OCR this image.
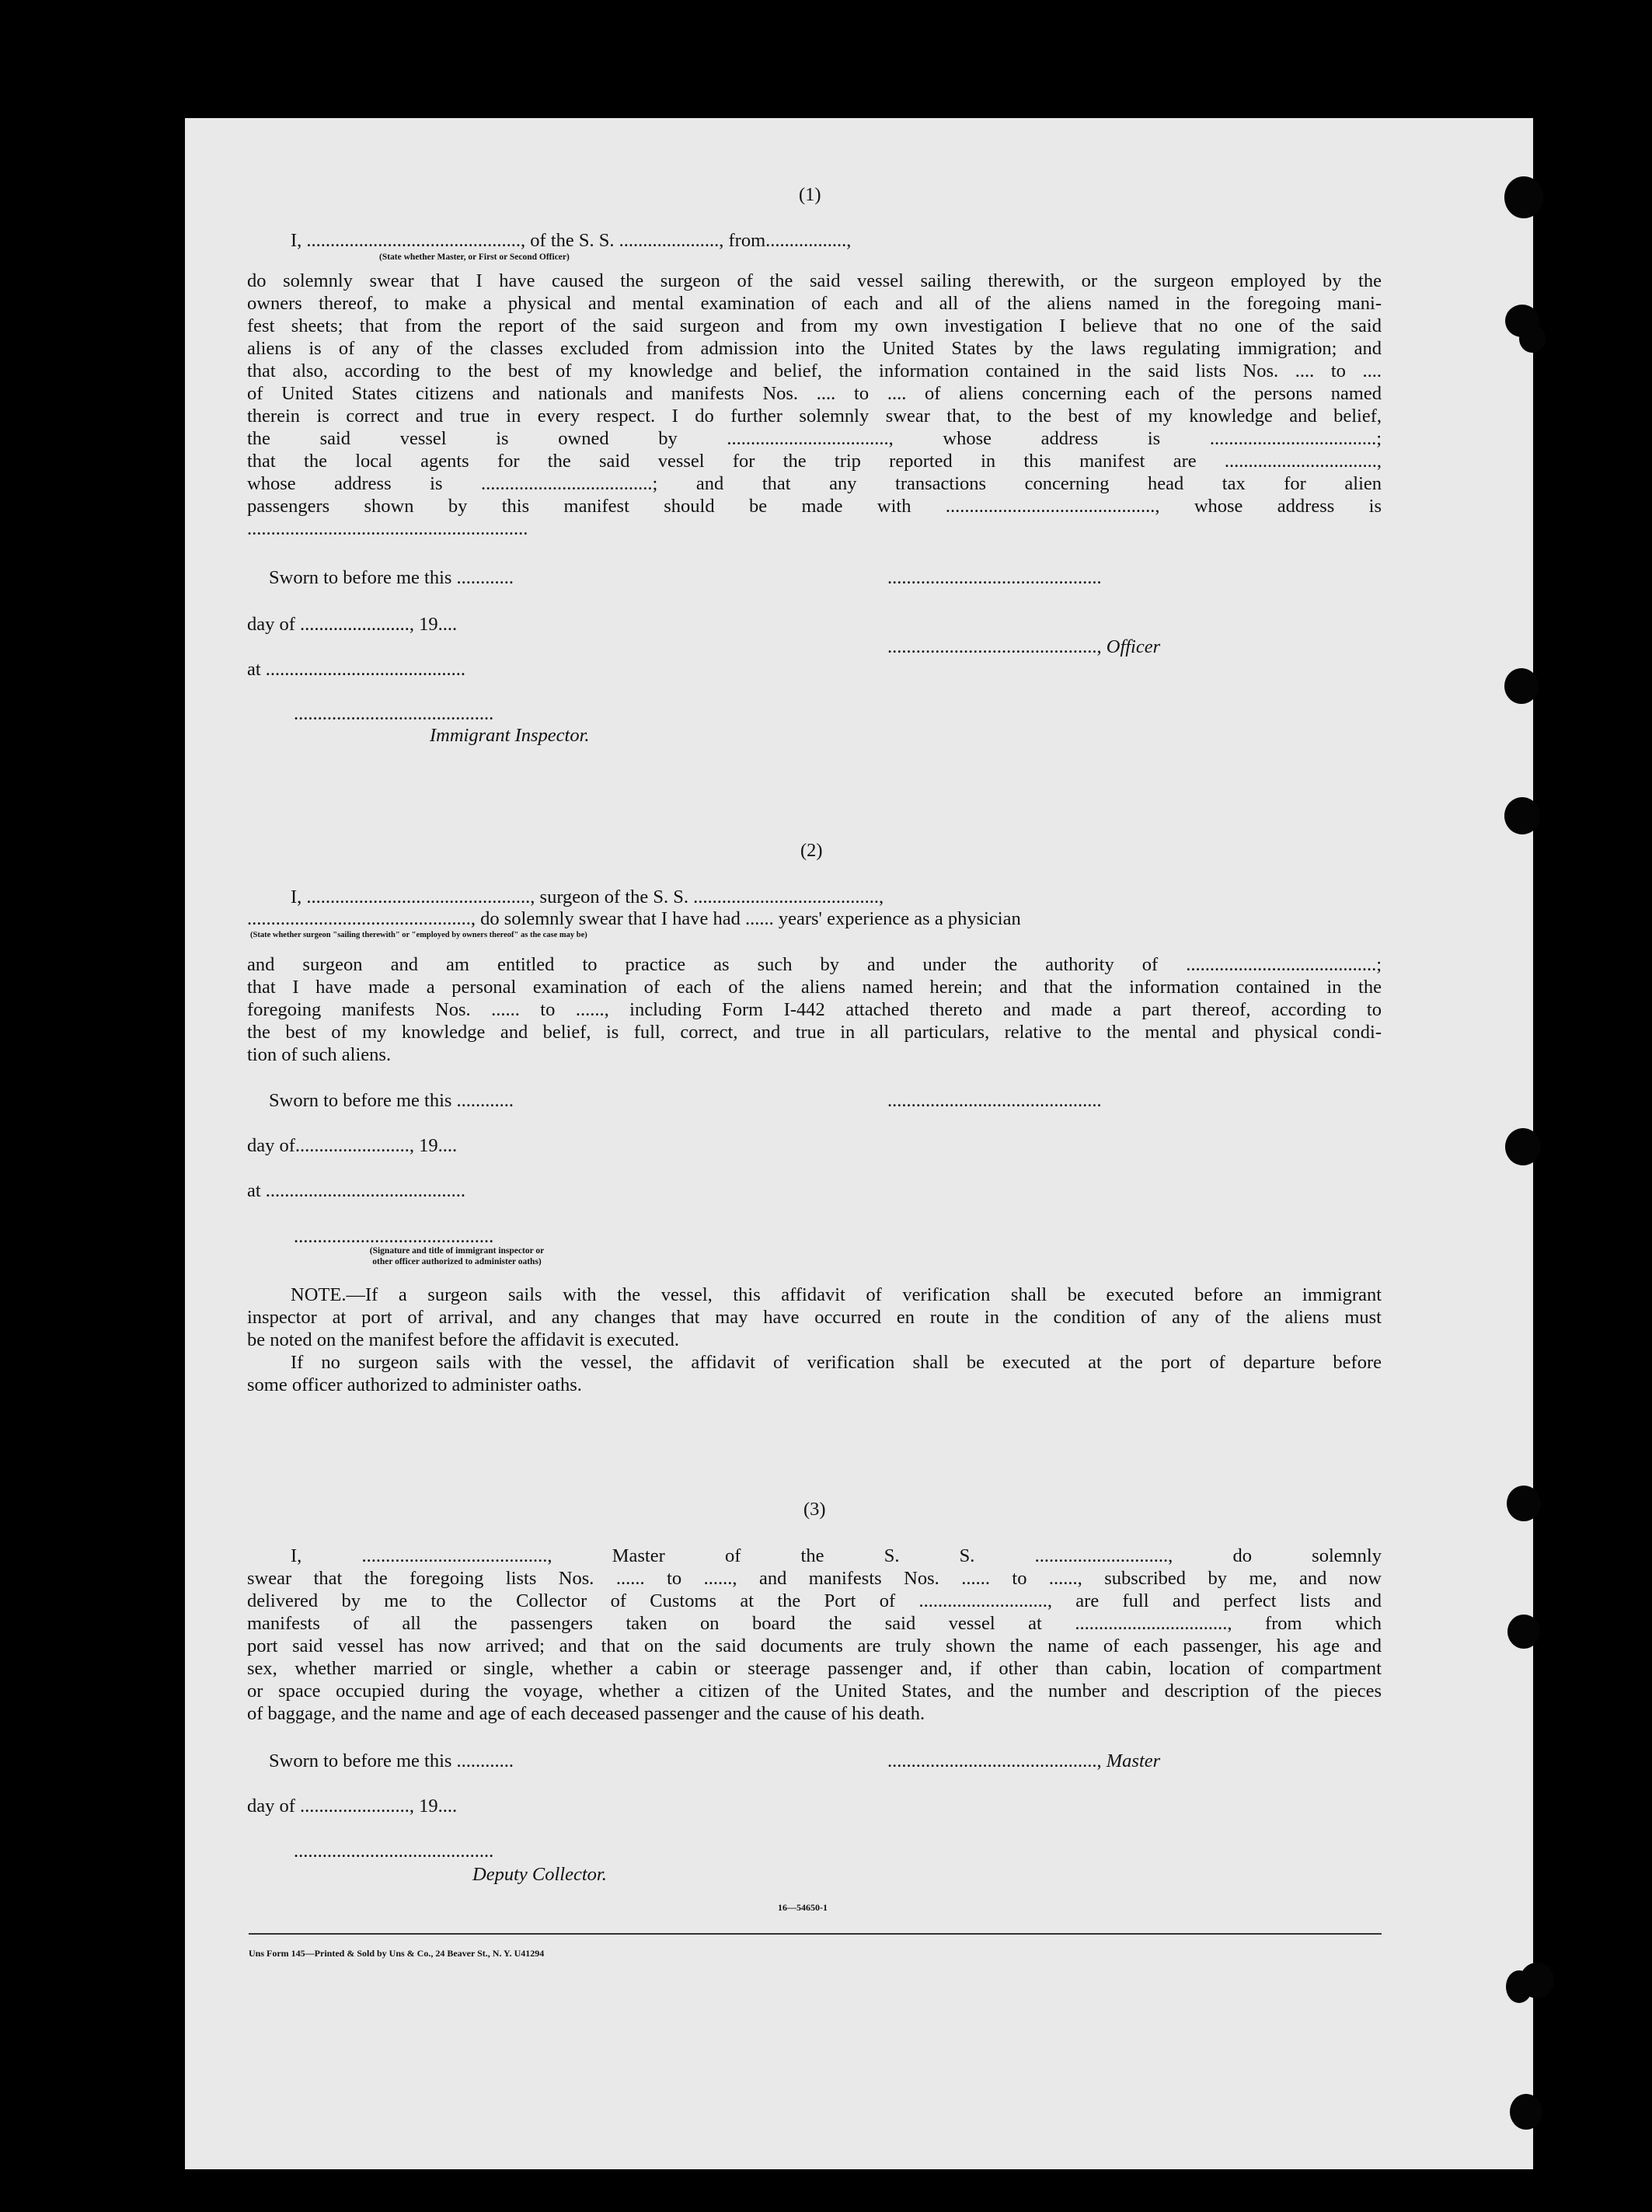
(1)
I, ............................................., of the S. S. ....................., from.................,
(State whether Master, or First or Second Officer)
do solemnly swear that I have caused the surgeon of the said vessel sailing therewith, or the surgeon employed by the
owners thereof, to make a physical and mental examination of each and all of the aliens named in the foregoing mani-
fest sheets; that from the report of the said surgeon and from my own investigation I believe that no one of the said
aliens is of any of the classes excluded from admission into the United States by the laws regulating immigration; and
that also, according to the best of my knowledge and belief, the information contained in the said lists Nos. .... to ....
of United States citizens and nationals and manifests Nos. .... to .... of aliens concerning each of the persons named
therein is correct and true in every respect. I do further solemnly swear that, to the best of my knowledge and belief,
the said vessel is owned by .................................., whose address is ...................................;
that the local agents for the said vessel for the trip reported in this manifest are ................................,
whose address is ....................................; and that any transactions concerning head tax for alien
passengers shown by this manifest should be made with ............................................, whose address is
...........................................................
Sworn to before me this ............	.............................................
day of ......................., 19....
............................................, Officer
at ..........................................
..........................................
Immigrant Inspector.
(2)
I, ..............................................., surgeon of the S. S. .......................................,
..............................................., do solemnly swear that I have had ...... years' experience as a physician
(State whether surgeon "sailing therewith" or "employed by owners thereof" as the case may be)
and surgeon and am entitled to practice as such by and under the authority of ........................................;
that I have made a personal examination of each of the aliens named herein; and that the information contained in the
foregoing manifests Nos. ...... to ......, including Form I-442 attached thereto and made a part thereof, according to
the best of my knowledge and belief, is full, correct, and true in all particulars, relative to the mental and physical condi-
tion of such aliens.
Sworn to before me this ............	.............................................
day of........................, 19....
at ..........................................
..........................................
(Signature and title of immigrant inspector or
other officer authorized to administer oaths)
NOTE.—If a surgeon sails with the vessel, this affidavit of verification shall be executed before an immigrant
inspector at port of arrival, and any changes that may have occurred en route in the condition of any of the aliens must
be noted on the manifest before the affidavit is executed.
If no surgeon sails with the vessel, the affidavit of verification shall be executed at the port of departure before
some officer authorized to administer oaths.
(3)
I, ......................................., Master of the S. S. ............................, do solemnly
swear that the foregoing lists Nos. ...... to ......, and manifests Nos. ...... to ......, subscribed by me, and now
delivered by me to the Collector of Customs at the Port of ..........................., are full and perfect lists and
manifests of all the passengers taken on board the said vessel at ................................, from which
port said vessel has now arrived; and that on the said documents are truly shown the name of each passenger, his age and
sex, whether married or single, whether a cabin or steerage passenger and, if other than cabin, location of compartment
or space occupied during the voyage, whether a citizen of the United States, and the number and description of the pieces
of baggage, and the name and age of each deceased passenger and the cause of his death.
Sworn to before me this ............	............................................, Master
day of ......................., 19....
..........................................
Deputy Collector.
16—54650-1
Uns Form 145—Printed & Sold by Uns & Co., 24 Beaver St., N. Y. U41294
